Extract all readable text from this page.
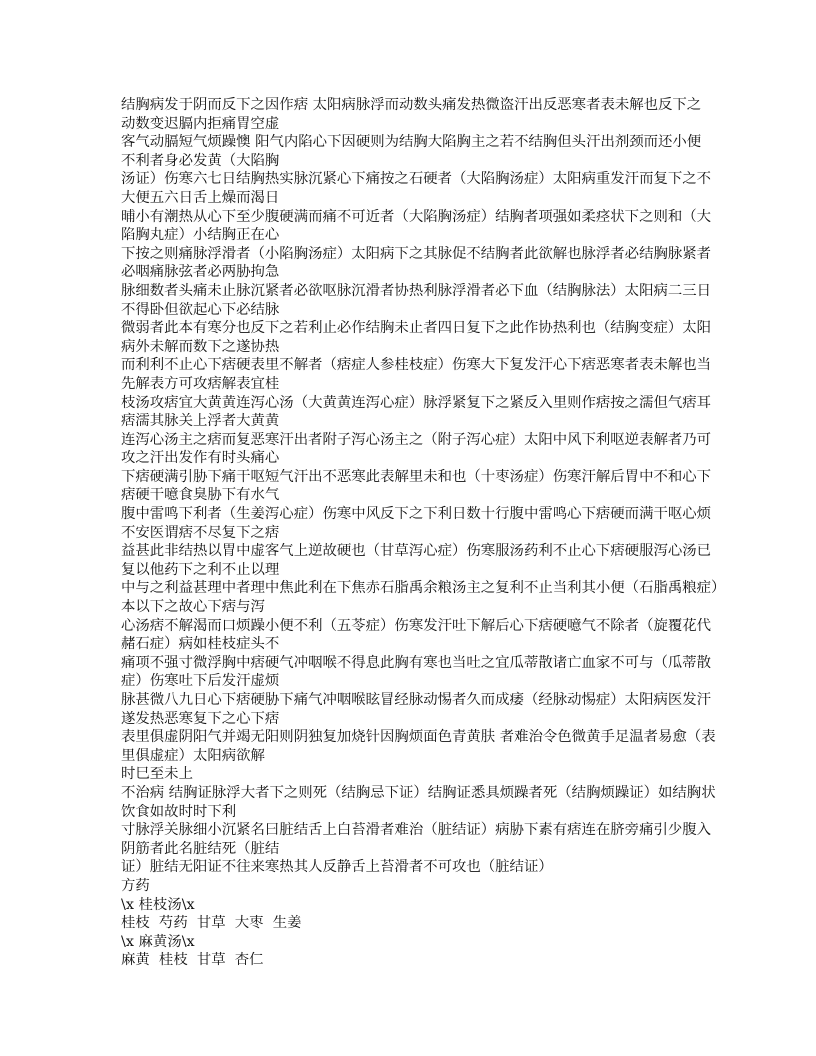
结胸病发于阴而反下之因作痞 太阳病脉浮而动数头痛发热微盗汗出反恶寒者表未解也反下之
动数变迟膈内拒痛胃空虚
客气动膈短气烦躁懊 阳气内陷心下因硬则为结胸大陷胸主之若不结胸但头汗出剂颈而还小便
不利者身必发黄（大陷胸
汤证）伤寒六七日结胸热实脉沉紧心下痛按之石硬者（大陷胸汤症）太阳病重发汗而复下之不
大便五六日舌上燥而渴日
晡小有潮热从心下至少腹硬满而痛不可近者（大陷胸汤症）结胸者项强如柔痉状下之则和（大
陷胸丸症）小结胸正在心
下按之则痛脉浮滑者（小陷胸汤症）太阳病下之其脉促不结胸者此欲解也脉浮者必结胸脉紧者
必咽痛脉弦者必两胁拘急
脉细数者头痛未止脉沉紧者必欲呕脉沉滑者协热利脉浮滑者必下血（结胸脉法）太阳病二三日
不得卧但欲起心下必结脉
微弱者此本有寒分也反下之若利止必作结胸未止者四日复下之此作协热利也（结胸变症）太阳
病外未解而数下之遂协热
而利利不止心下痞硬表里不解者（痞症人参桂枝症）伤寒大下复发汗心下痞恶寒者表未解也当
先解表方可攻痞解表宜桂
枝汤攻痞宜大黄黄连泻心汤（大黄黄连泻心症）脉浮紧复下之紧反入里则作痞按之濡但气痞耳
痞濡其脉关上浮者大黄黄
连泻心汤主之痞而复恶寒汗出者附子泻心汤主之（附子泻心症）太阳中风下利呕逆表解者乃可
攻之汗出发作有时头痛心
下痞硬满引胁下痛干呕短气汗出不恶寒此表解里未和也（十枣汤症）伤寒汗解后胃中不和心下
痞硬干噫食臭胁下有水气
腹中雷鸣下利者（生姜泻心症）伤寒中风反下之下利日数十行腹中雷鸣心下痞硬而满干呕心烦
不安医谓痞不尽复下之痞
益甚此非结热以胃中虚客气上逆故硬也（甘草泻心症）伤寒服汤药利不止心下痞硬服泻心汤已
复以他药下之利不止以理
中与之利益甚理中者理中焦此利在下焦赤石脂禹余粮汤主之复利不止当利其小便（石脂禹粮症）
本以下之故心下痞与泻
心汤痞不解渴而口烦躁小便不利（五苓症）伤寒发汗吐下解后心下痞硬噫气不除者（旋覆花代
赭石症）病如桂枝症头不
痛项不强寸微浮胸中痞硬气冲咽喉不得息此胸有寒也当吐之宜瓜蒂散诸亡血家不可与（瓜蒂散
症）伤寒吐下后发汗虚烦
脉甚微八九日心下痞硬胁下痛气冲咽喉眩冒经脉动惕者久而成痿（经脉动惕症）太阳病医发汗
遂发热恶寒复下之心下痞
表里俱虚阴阳气并竭无阳则阴独复加烧针因胸烦面色青黄肤 者难治令色微黄手足温者易愈（表
里俱虚症）太阳病欲解
时巳至未上
不治病 结胸证脉浮大者下之则死（结胸忌下证）结胸证悉具烦躁者死（结胸烦躁证）如结胸状
饮食如故时时下利
寸脉浮关脉细小沉紧名曰脏结舌上白苔滑者难治（脏结证）病胁下素有痞连在脐旁痛引少腹入
阴筋者此名脏结死（脏结
证）脏结无阳证不往来寒热其人反静舌上苔滑者不可攻也（脏结证）
方药
\x 桂枝汤\x
桂枝  芍药  甘草  大枣  生姜
\x 麻黄汤\x
麻黄  桂枝  甘草  杏仁
